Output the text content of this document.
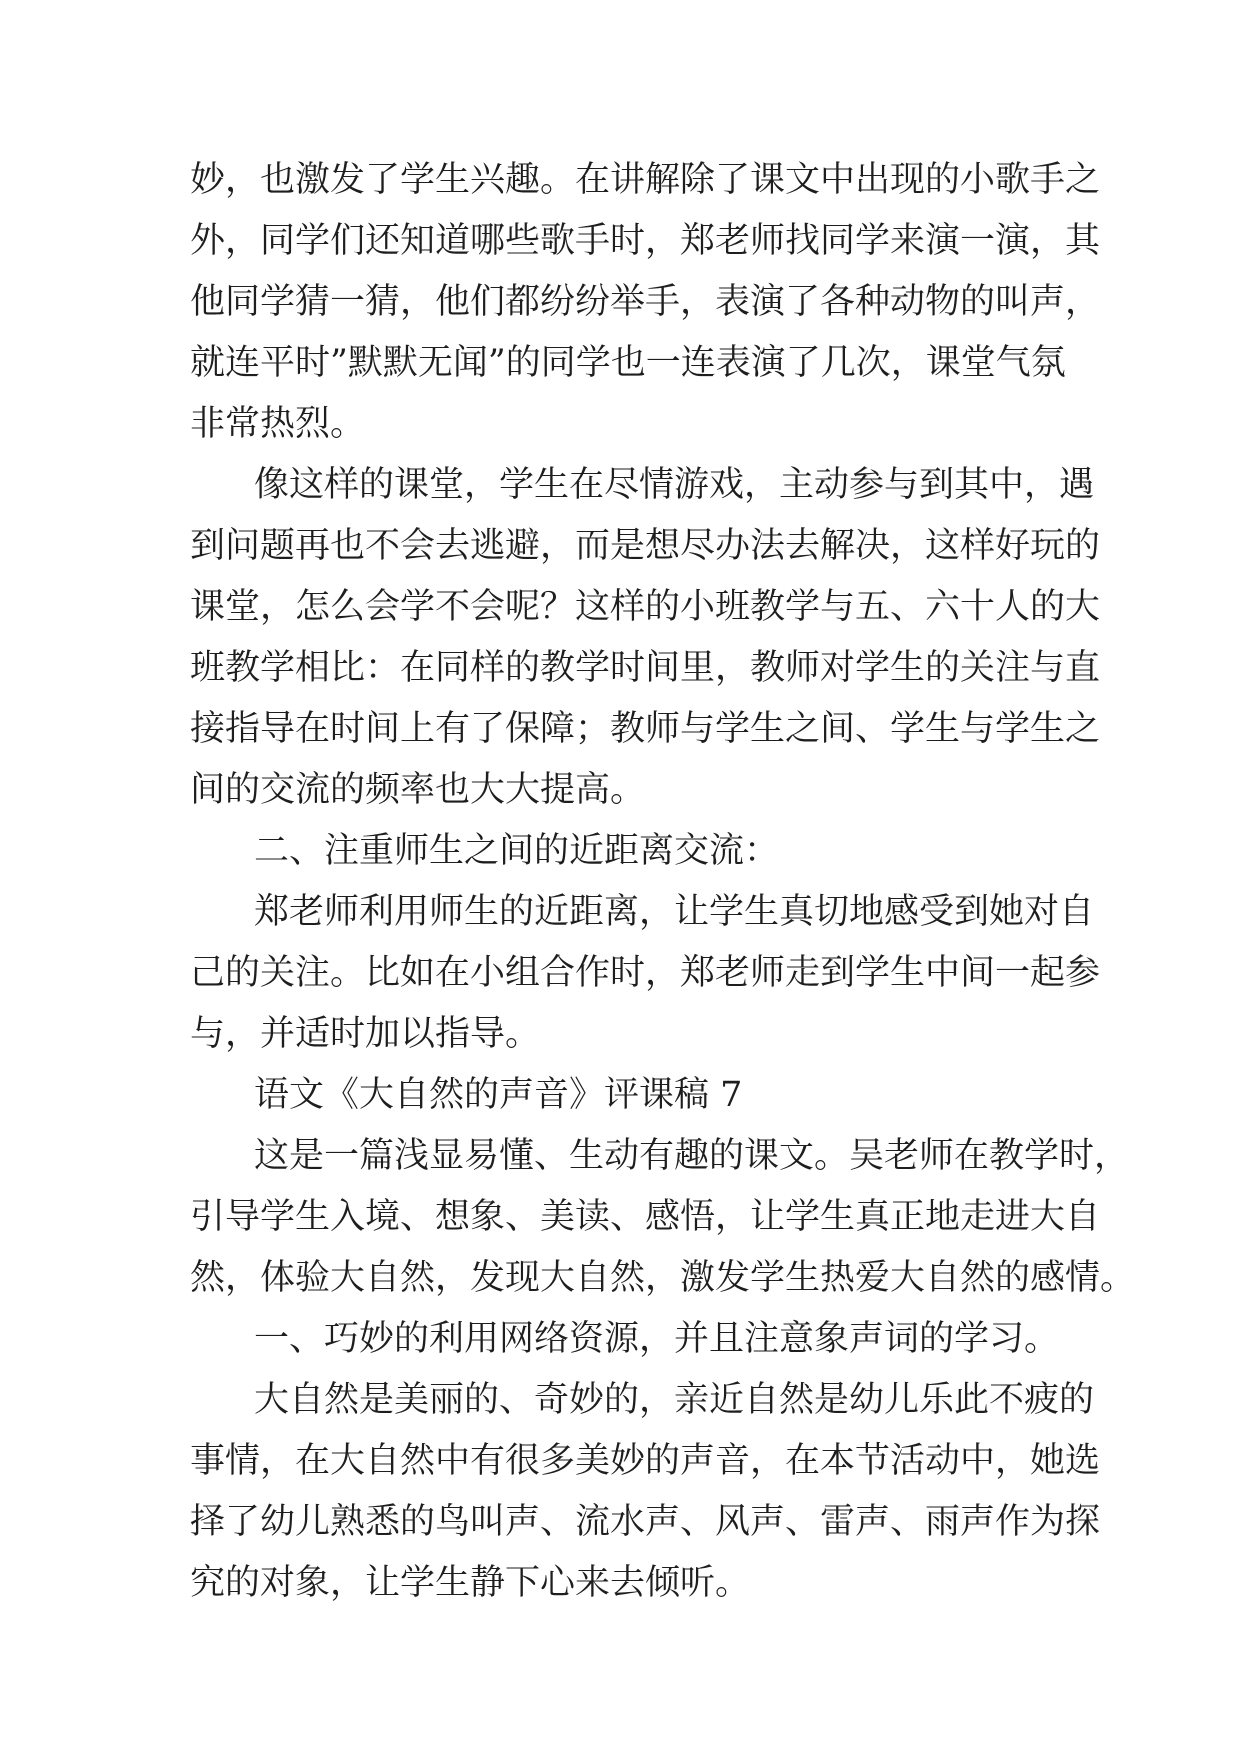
妙，也激发了学生兴趣。在讲解除了课文中出现的小歌手之
外，同学们还知道哪些歌手时，郑老师找同学来演一演，其
他同学猜一猜，他们都纷纷举手，表演了各种动物的叫声，
就连平时”默默无闻”的同学也一连表演了几次，课堂气氛
非常热烈。
像这样的课堂，学生在尽情游戏，主动参与到其中，遇
到问题再也不会去逃避，而是想尽办法去解决，这样好玩的
课堂，怎么会学不会呢？这样的小班教学与五、六十人的大
班教学相比：在同样的教学时间里，教师对学生的关注与直
接指导在时间上有了保障；教师与学生之间、学生与学生之
间的交流的频率也大大提高。
二、注重师生之间的近距离交流：
郑老师利用师生的近距离，让学生真切地感受到她对自
己的关注。比如在小组合作时，郑老师走到学生中间一起参
与，并适时加以指导。
语文《大自然的声音》评课稿 7
这是一篇浅显易懂、生动有趣的课文。吴老师在教学时，
引导学生入境、想象、美读、感悟，让学生真正地走进大自
然，体验大自然，发现大自然，激发学生热爱大自然的感情。
一、巧妙的利用网络资源，并且注意象声词的学习。
大自然是美丽的、奇妙的，亲近自然是幼儿乐此不疲的
事情，在大自然中有很多美妙的声音，在本节活动中，她选
择了幼儿熟悉的鸟叫声、流水声、风声、雷声、雨声作为探
究的对象，让学生静下心来去倾听。
